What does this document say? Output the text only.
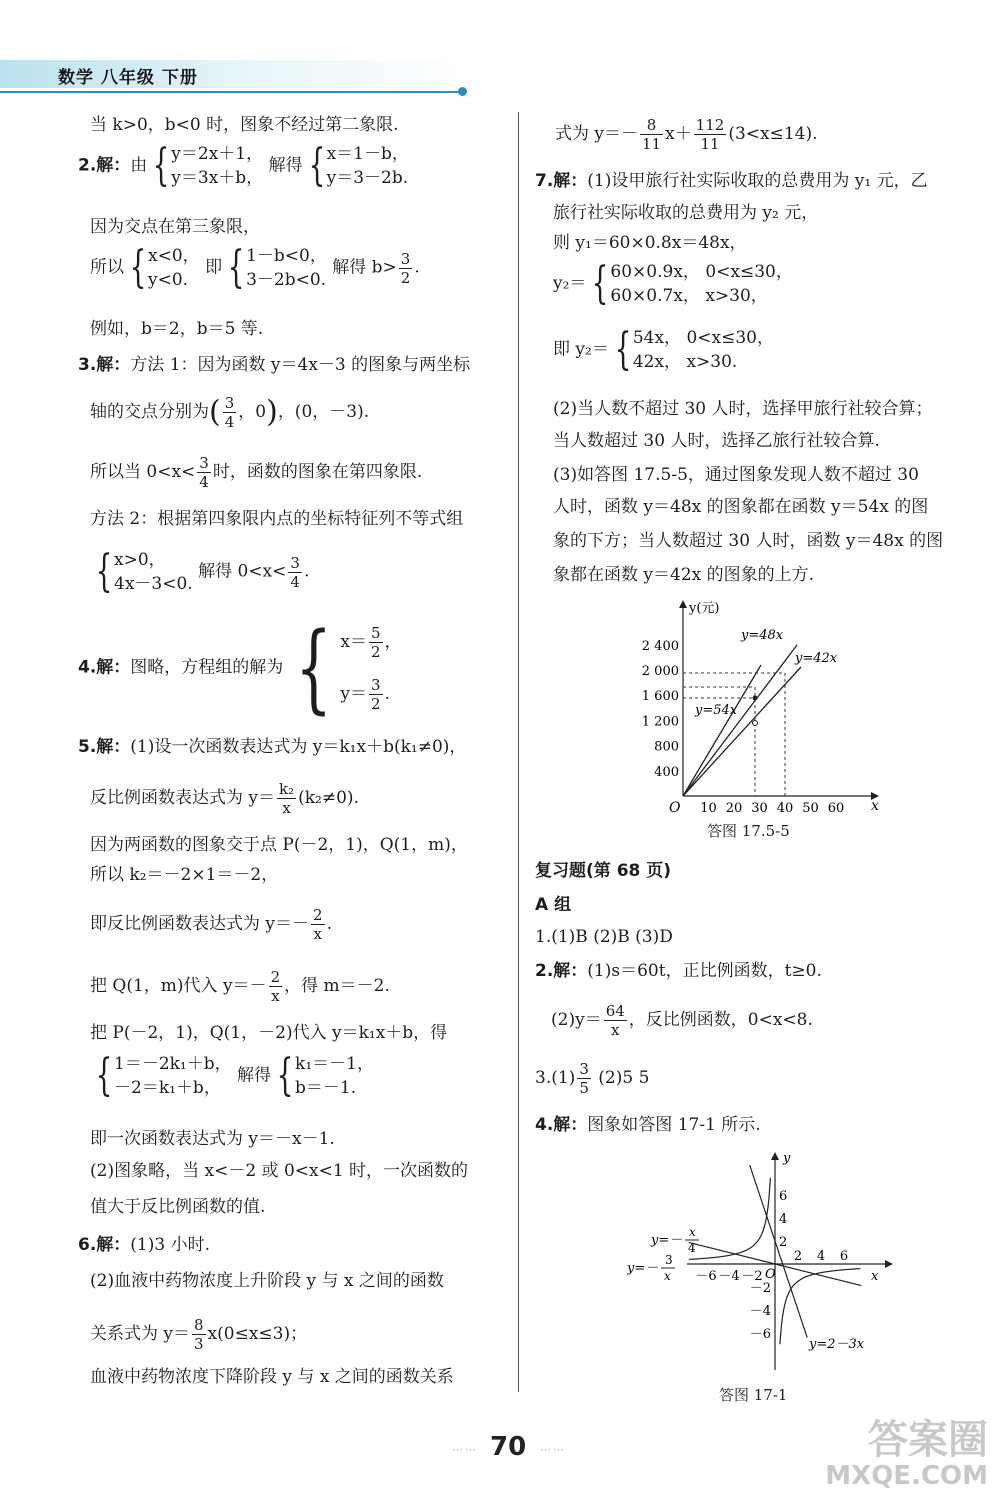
数学 八年级 下册
当 k>0，b<0 时，图象不经过第二象限.
2.解：由 { y＝2x＋1，
y＝3x＋b，
解得 { x＝1－b，
y＝3－2b.
因为交点在第三象限，
所以 { x<0，
y<0.
即 { 1－b<0，
3－2b<0.
解得 $b> \frac{3}{2}$ .
例如，b＝2，b＝5 等.
3.解：方法 1：因为函数 y＝4x－3 的图象与两坐标
轴的交点分别为( $\frac{3}{4}$ ，0)，(0，－3).
所以当 $0<x< \frac{3}{4}$ 时，函数的图象在第四象限.
方法 2：根据第四象限内点的坐标特征列不等式组
{ x>0，
4x－3<0.
解得 $0<x< \frac{3}{4}$ .
4.解：图略，方程组的解为 { $x= \frac{5}{2}$ ，
$y= \frac{3}{2}$ .
5.解：(1)设一次函数表达式为 y＝k₁x＋b(k₁≠0)，
反比例函数表达式为 $y= \frac{\text{k₂}}{x} (k_2\ne 0)$.
因为两函数的图象交于点 P(－2，1)，Q(1，m)，
所以 k₂＝－2×1＝－2，
即反比例函数表达式为 $y=- \frac{2}{x}$ .
把 Q(1，m)代入 $y=- \frac{2}{x}$ ，得 m＝－2.
把 P(－2，1)，Q(1，－2)代入 y＝k₁x＋b，得
{ 1＝－2k₁＋b，
－2＝k₁＋b，
解得 { k₁＝－1，
b＝－1.
即一次函数表达式为 y＝－x－1.
(2)图象略，当 x<－2 或 0<x<1 时，一次函数的
值大于反比例函数的值.
6.解：(1)3 小时.
(2)血液中药物浓度上升阶段 y 与 x 之间的函数
关系式为 $y= \frac{8}{3} x(0\le x\le 3)$；
血液中药物浓度下降阶段 y 与 x 之间的函数关系
式为 $y=- \frac{8}{11} x+ \frac{112}{11} (3<x\le 14)$.
7.解：(1)设甲旅行社实际收取的总费用为 y₁ 元，乙
旅行社实际收取的总费用为 y₂ 元，
则 y₁＝60×0.8x＝48x，
y₂＝ { 60×0.9x， 0<x≤30，
60×0.7x， x>30，
即 y₂＝ { 54x， 0<x≤30，
42x， x>30.
(2)当人数不超过 30 人时，选择甲旅行社较合算；
当人数超过 30 人时，选择乙旅行社较合算.
(3)如答图 17.5-5，通过图象发现人数不超过 30
人时，函数 y＝48x 的图象都在函数 y＝54x 的图
象的下方；当人数超过 30 人时，函数 y＝48x 的图
象都在函数 y＝42x 的图象的上方.
y(元)
x
O
400
800
1 200
1 600
2 000
2 400
10 20 30 40 50 60
y=48x
y=42x
y=54x
答图 17.5-5
复习题(第 68 页)
A 组
1.(1)B (2)B (3)D
2.解：(1)s＝60t，正比例函数，t≥0.
$(2)y= \frac{64}{x}$ ，反比例函数，0<x<8.
$3.(1) \frac{3}{5} (2)5$ 5
4.解：图象如答图 17-1 所示.
y
x
O
2 4 6
－6 －4 －2
2
4
6
－2
－4
－6
y=－
x
4
y=－
3
x
y=2－3x
答图 17-1
⋯⋯ 70 ⋯⋯	答案圈
MXQE.COM
